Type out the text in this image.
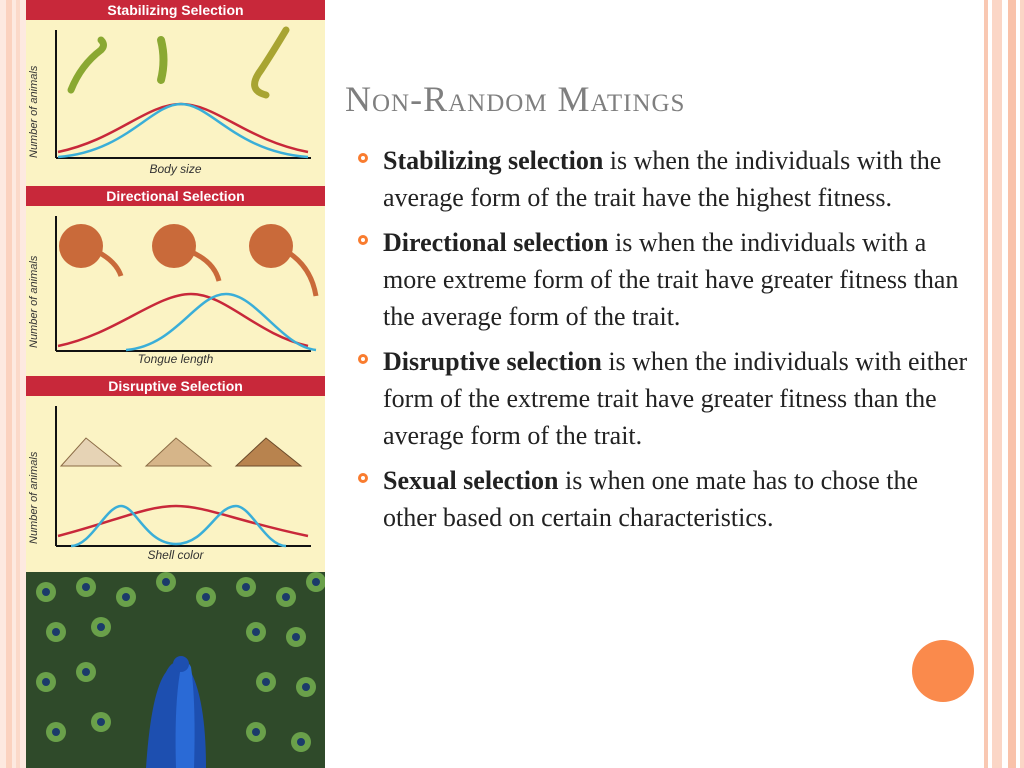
Stabilizing Selection
Number of animals
Body size
Directional Selection
Number of animals
Tongue length
Disruptive Selection
Number of animals
Shell color
Non-Random Matings
Stabilizing selection is when the individuals with the average form of the trait have the highest fitness.
Directional selection is when the individuals with a more extreme form of the trait have greater fitness than the average form of the trait.
Disruptive selection is when the individuals with either form of the extreme trait have greater fitness than the average form of the trait.
Sexual selection is when one mate has to chose the other based on certain characteristics.
